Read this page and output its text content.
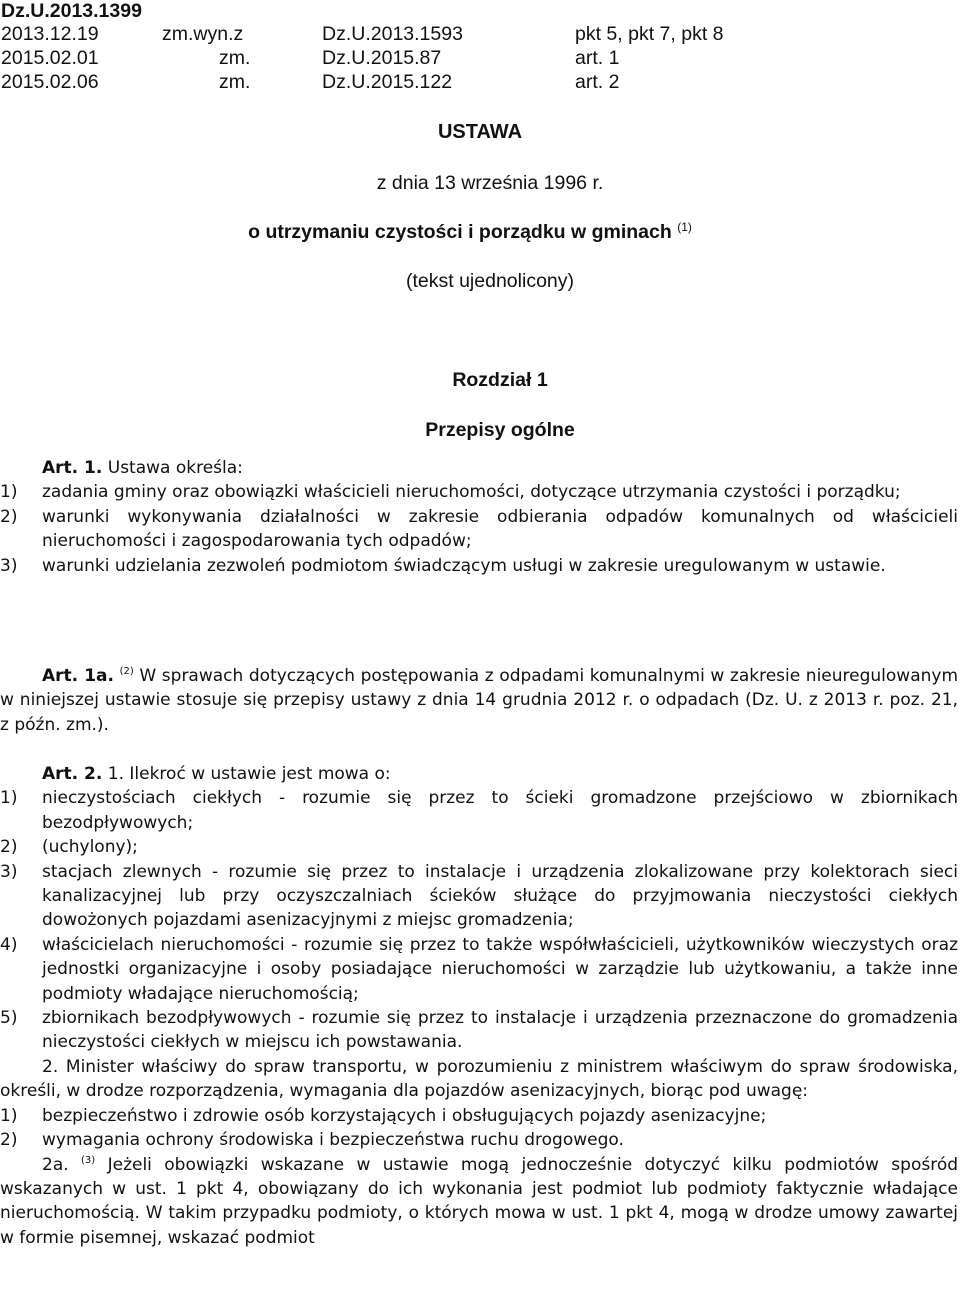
Dz.U.2013.1399
2013.12.19	zm.wyn.z	Dz.U.2013.1593	pkt 5, pkt 7, pkt 8
2015.02.01	zm.	Dz.U.2015.87	art. 1
2015.02.06	zm.	Dz.U.2015.122	art. 2
USTAWA
z dnia 13 września 1996 r.
o utrzymaniu czystości i porządku w gminach $^{(1)}$
(tekst ujednolicony)
Rozdział 1
Przepisy ogólne
Art. 1. Ustawa określa:
1) zadania gminy oraz obowiązki właścicieli nieruchomości, dotyczące utrzymania czystości i porządku;
2) warunki wykonywania działalności w zakresie odbierania odpadów komunalnych od właścicieli nieruchomości i zagospodarowania tych odpadów;
3) warunki udzielania zezwoleń podmiotom świadczącym usługi w zakresie uregulowanym w ustawie.
Art. 1a. $^{(2)}$ W sprawach dotyczących postępowania z odpadami komunalnymi w zakresie nieuregulowanym w niniejszej ustawie stosuje się przepisy ustawy z dnia 14 grudnia 2012 r. o odpadach (Dz. U. z 2013 r. poz. 21, z późn. zm.).
Art. 2. 1. Ilekroć w ustawie jest mowa o:
1) nieczystościach ciekłych - rozumie się przez to ścieki gromadzone przejściowo w zbiornikach bezodpływowych;
2) (uchylony);
3) stacjach zlewnych - rozumie się przez to instalacje i urządzenia zlokalizowane przy kolektorach sieci kanalizacyjnej lub przy oczyszczalniach ścieków służące do przyjmowania nieczystości ciekłych dowożonych pojazdami asenizacyjnymi z miejsc gromadzenia;
4) właścicielach nieruchomości - rozumie się przez to także współwłaścicieli, użytkowników wieczystych oraz jednostki organizacyjne i osoby posiadające nieruchomości w zarządzie lub użytkowaniu, a także inne podmioty władające nieruchomością;
5) zbiornikach bezodpływowych - rozumie się przez to instalacje i urządzenia przeznaczone do gromadzenia nieczystości ciekłych w miejscu ich powstawania.
2. Minister właściwy do spraw transportu, w porozumieniu z ministrem właściwym do spraw środowiska, określi, w drodze rozporządzenia, wymagania dla pojazdów asenizacyjnych, biorąc pod uwagę:
1) bezpieczeństwo i zdrowie osób korzystających i obsługujących pojazdy asenizacyjne;
2) wymagania ochrony środowiska i bezpieczeństwa ruchu drogowego.
2a. $^{(3)}$ Jeżeli obowiązki wskazane w ustawie mogą jednocześnie dotyczyć kilku podmiotów spośród wskazanych w ust. 1 pkt 4, obowiązany do ich wykonania jest podmiot lub podmioty faktycznie władające nieruchomością. W takim przypadku podmioty, o których mowa w ust. 1 pkt 4, mogą w drodze umowy zawartej w formie pisemnej, wskazać podmiot
